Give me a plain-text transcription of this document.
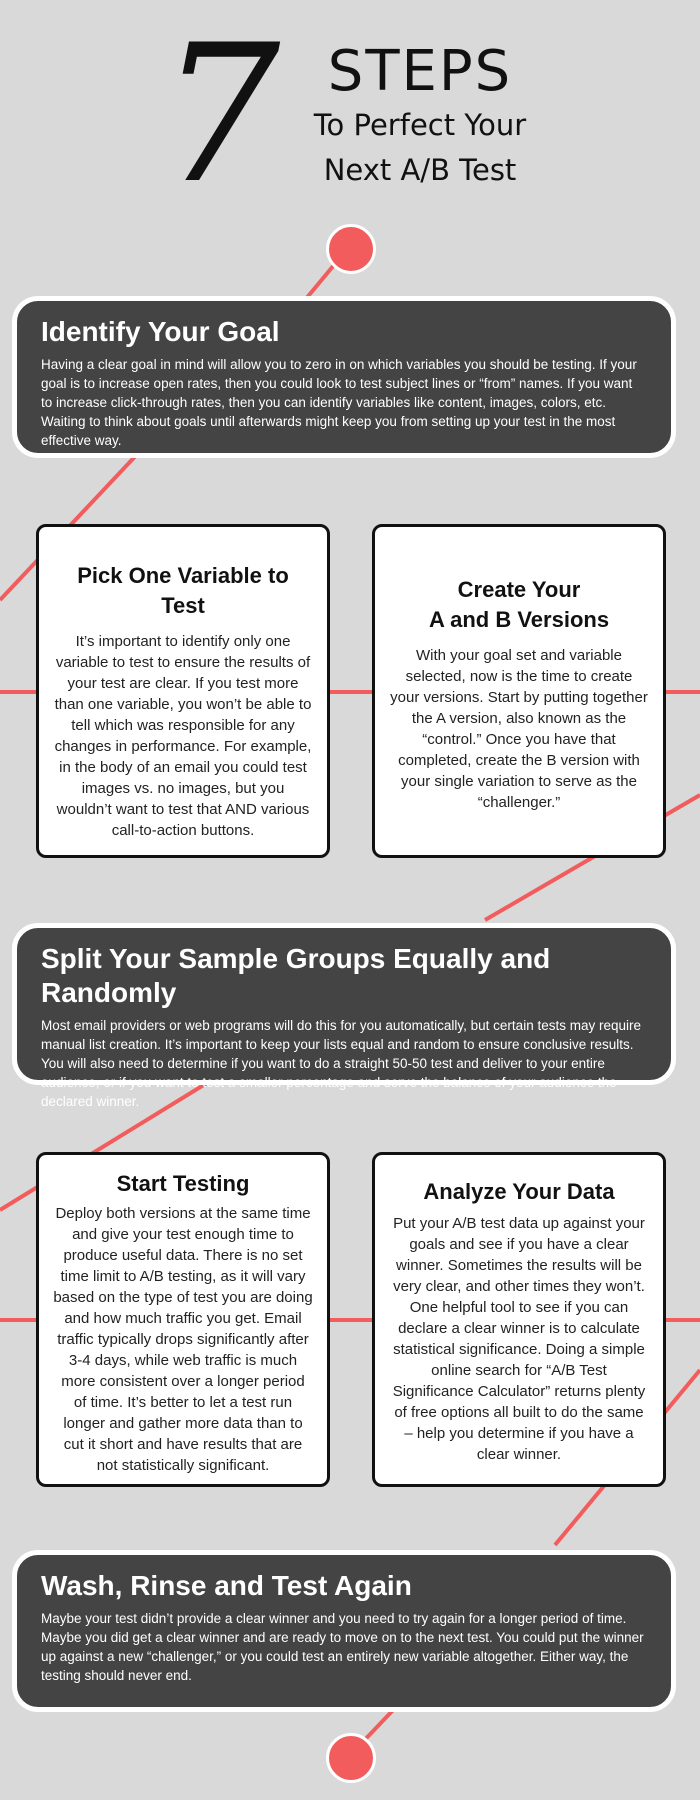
7 STEPS
To Perfect Your
Next A/B Test
Identify Your Goal

Having a clear goal in mind will allow you to zero in on which variables you should be testing. If your goal is to increase open rates, then you could look to test subject lines or “from” names. If you want to increase click-through rates, then you can identify variables like content, images, colors, etc. Waiting to think about goals until afterwards might keep you from setting up your test in the most effective way.

Pick One Variable to Test

It’s important to identify only one variable to test to ensure the results of your test are clear. If you test more than one variable, you won’t be able to tell which was responsible for any changes in performance. For example, in the body of an email you could test images vs. no images, but you wouldn’t want to test that AND various call-to-action buttons.

Create Your
A and B Versions

With your goal set and variable selected, now is the time to create your versions. Start by putting together the A version, also known as the “control.” Once you have that completed, create the B version with your single variation to serve as the “challenger.”

Split Your Sample Groups Equally and Randomly

Most email providers or web programs will do this for you automatically, but certain tests may require manual list creation. It’s important to keep your lists equal and random to ensure conclusive results. You will also need to determine if you want to do a straight 50-50 test and deliver to your entire audience, or if you want to test a smaller percentage and serve the balance of your audience the declared winner.

Start Testing

Deploy both versions at the same time and give your test enough time to produce useful data. There is no set time limit to A/B testing, as it will vary based on the type of test you are doing and how much traffic you get. Email traffic typically drops significantly after 3-4 days, while web traffic is much more consistent over a longer period of time. It’s better to let a test run longer and gather more data than to cut it short and have results that are not statistically significant.

Analyze Your Data

Put your A/B test data up against your goals and see if you have a clear winner. Sometimes the results will be very clear, and other times they won’t. One helpful tool to see if you can declare a clear winner is to calculate statistical significance. Doing a simple online search for “A/B Test Significance Calculator” returns plenty of free options all built to do the same – help you determine if you have a clear winner.

Wash, Rinse and Test Again

Maybe your test didn’t provide a clear winner and you need to try again for a longer period of time. Maybe you did get a clear winner and are ready to move on to the next test. You could put the winner up against a new “challenger,” or you could test an entirely new variable altogether. Either way, the testing should never end.
